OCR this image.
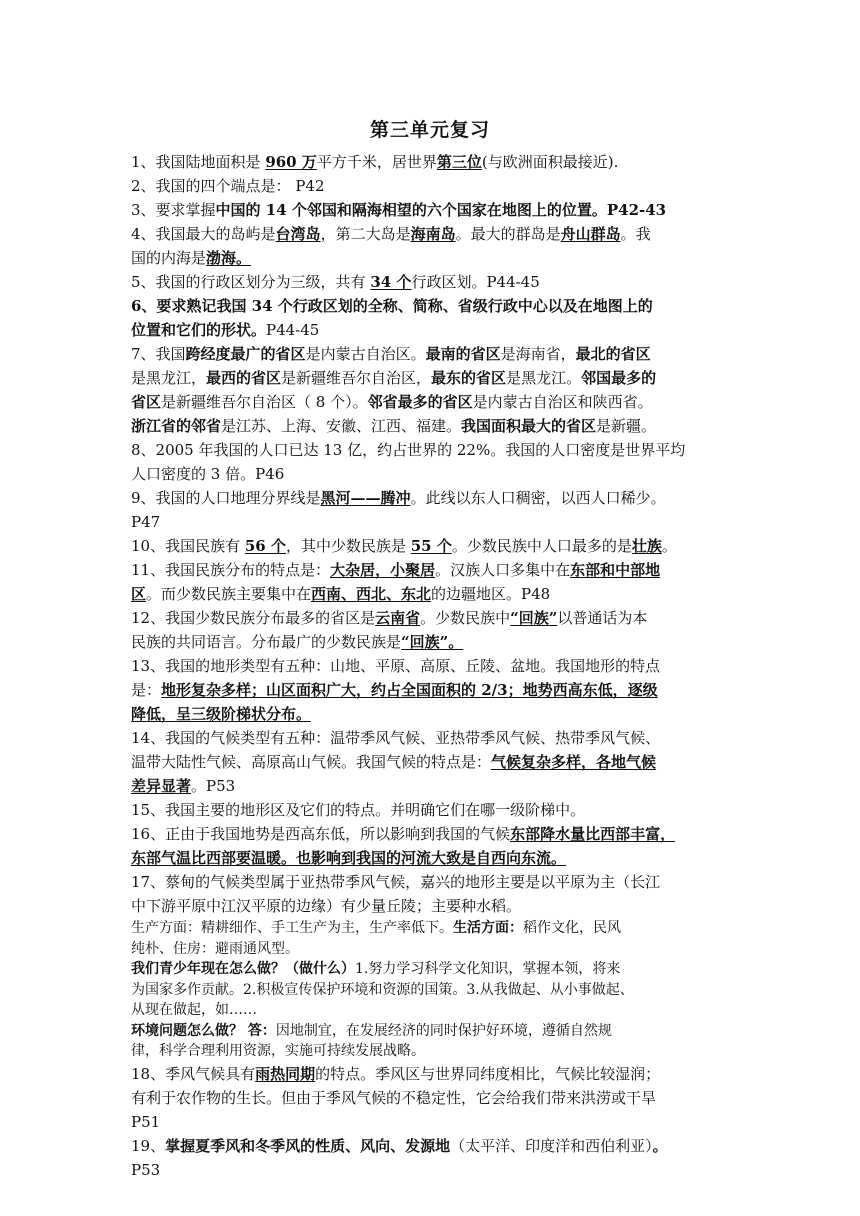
第三单元复习
1、我国陆地面积是 960 万平方千米，居世界第三位(与欧洲面积最接近).
2、我国的四个端点是： P42
3、要求掌握中国的 14 个邻国和隔海相望的六个国家在地图上的位置。P42-43
4、我国最大的岛屿是台湾岛，第二大岛是海南岛。最大的群岛是舟山群岛。我
国的内海是渤海。
5、我国的行政区划分为三级，共有 34 个行政区划。P44-45
6、要求熟记我国 34 个行政区划的全称、简称、省级行政中心以及在地图上的
位置和它们的形状。P44-45
7、我国跨经度最广的省区是内蒙古自治区。最南的省区是海南省，最北的省区
是黑龙江，最西的省区是新疆维吾尔自治区，最东的省区是黑龙江。邻国最多的
省区是新疆维吾尔自治区（ 8 个）。邻省最多的省区是内蒙古自治区和陕西省。
浙江省的邻省是江苏、上海、安徽、江西、福建。我国面积最大的省区是新疆。
8、2005 年我国的人口已达 13 亿，约占世界的 22%。我国的人口密度是世界平均
人口密度的 3 倍。P46
9、我国的人口地理分界线是黑河——腾冲。此线以东人口稠密，以西人口稀少。
P47
10、我国民族有 56 个，其中少数民族是 55 个。少数民族中人口最多的是壮族。
11、我国民族分布的特点是：大杂居，小聚居。汉族人口多集中在东部和中部地
区。而少数民族主要集中在西南、西北、东北的边疆地区。P48
12、我国少数民族分布最多的省区是云南省。少数民族中“回族”以普通话为本
民族的共同语言。分布最广的少数民族是“回族”。
13、我国的地形类型有五种：山地、平原、高原、丘陵、盆地。我国地形的特点
是：地形复杂多样；山区面积广大，约占全国面积的 2/3；地势西高东低，逐级
降低，呈三级阶梯状分布。
14、我国的气候类型有五种：温带季风气候、亚热带季风气候、热带季风气候、
温带大陆性气候、高原高山气候。我国气候的特点是：气候复杂多样，各地气候
差异显著。P53
15、我国主要的地形区及它们的特点。并明确它们在哪一级阶梯中。
16、正由于我国地势是西高东低，所以影响到我国的气候东部降水量比西部丰富，
东部气温比西部要温暖。也影响到我国的河流大致是自西向东流。
17、蔡甸的气候类型属于亚热带季风气候，嘉兴的地形主要是以平原为主（长江
中下游平原中江汉平原的边缘）有少量丘陵；主要种水稻。
生产方面：精耕细作、手工生产为主，生产率低下。生活方面：稻作文化，民风
纯朴、住房：避雨通风型。
我们青少年现在怎么做？（做什么）1.努力学习科学文化知识，掌握本领，将来
为国家多作贡献。2.积极宣传保护环境和资源的国策。3.从我做起、从小事做起、
从现在做起，如……
环境问题怎么做？ 答：因地制宜，在发展经济的同时保护好环境，遵循自然规
律，科学合理利用资源，实施可持续发展战略。
18、季风气候具有雨热同期的特点。季风区与世界同纬度相比，气候比较湿润；
有利于农作物的生长。但由于季风气候的不稳定性，它会给我们带来洪涝或干旱
P51
19、掌握夏季风和冬季风的性质、风向、发源地（太平洋、印度洋和西伯利亚）。
P53
